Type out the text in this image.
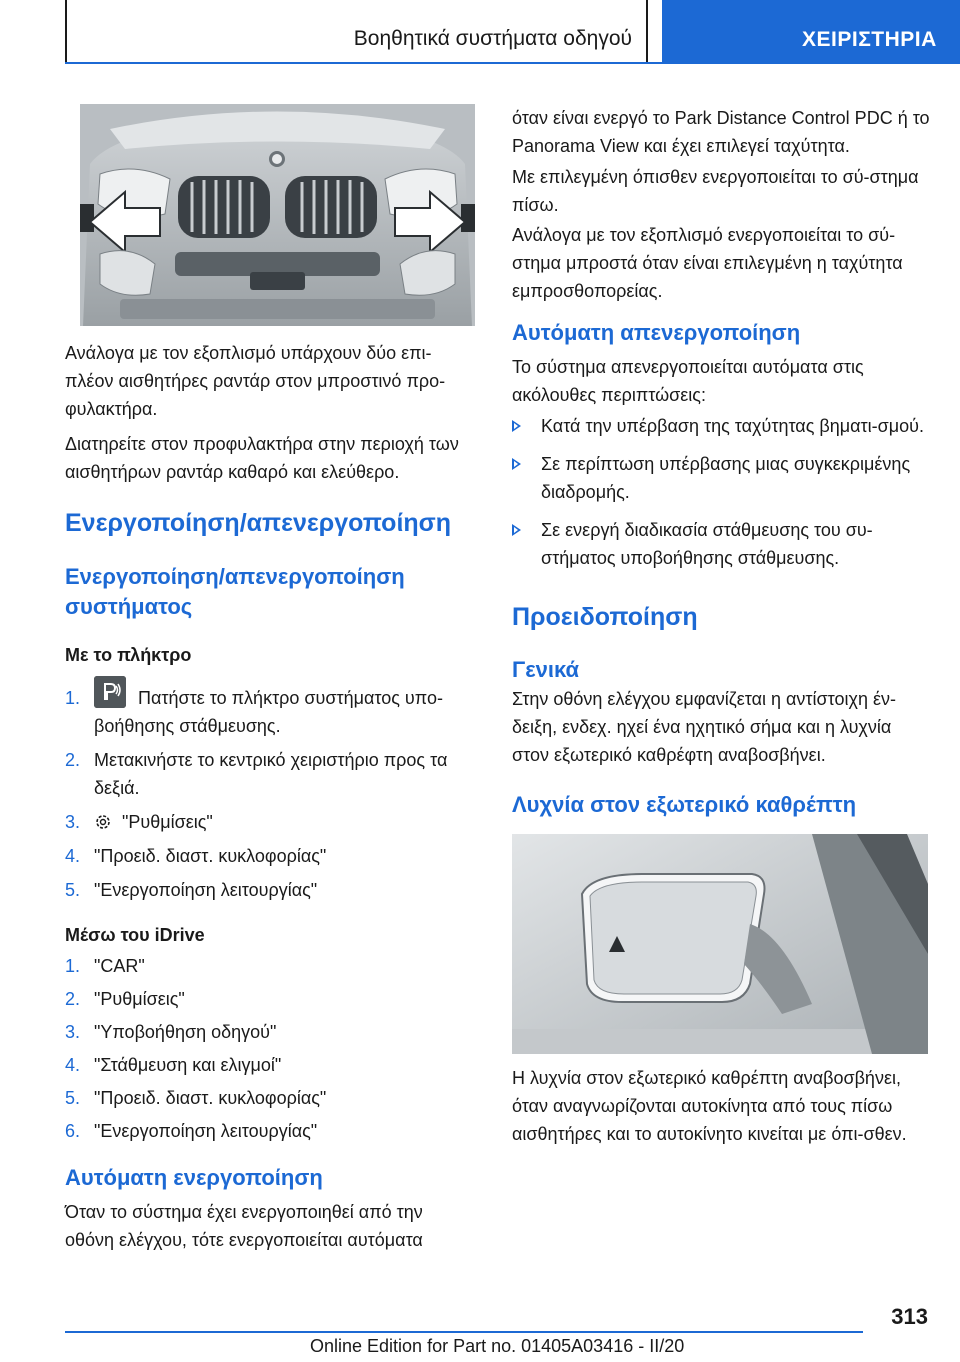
Βοηθητικά συστήματα οδηγού	ΧΕΙΡΙΣΤΗΡΙΑ

Ανάλογα με τον εξοπλισμό υπάρχουν δύο επι-πλέον αισθητήρες ραντάρ στον μπροστινό προ-φυλακτήρα.

Διατηρείτε στον προφυλακτήρα στην περιοχή των αισθητήρων ραντάρ καθαρό και ελεύθερο.

Ενεργοποίηση/απενεργοποίηση
Ενεργοποίηση/απενεργοποίηση συστήματος
Με το πλήκτρο
1.	Πατήστε το πλήκτρο συστήματος υπο-βοήθησης στάθμευσης.
2. Μετακινήστε το κεντρικό χειριστήριο προς τα δεξιά.
3. "Ρυθμίσεις"
4. "Προειδ. διαστ. κυκλοφορίας"
5. "Ενεργοποίηση λειτουργίας"
Μέσω του iDrive
1. "CAR"
2. "Ρυθμίσεις"
3. "Υποβοήθηση οδηγού"
4. "Στάθμευση και ελιγμοί"
5. "Προειδ. διαστ. κυκλοφορίας"
6. "Ενεργοποίηση λειτουργίας"
Αυτόματη ενεργοποίηση

Όταν το σύστημα έχει ενεργοποιηθεί από την οθόνη ελέγχου, τότε ενεργοποιείται αυτόματα

όταν είναι ενεργό το Park Distance Control PDC ή το Panorama View και έχει επιλεγεί ταχύτητα.

Με επιλεγμένη όπισθεν ενεργοποιείται το σύ-στημα πίσω.

Ανάλογα με τον εξοπλισμό ενεργοποιείται το σύ-στημα μπροστά όταν είναι επιλεγμένη η ταχύτητα εμπροσθοπορείας.

Αυτόματη απενεργοποίηση

Το σύστημα απενεργοποιείται αυτόματα στις ακόλουθες περιπτώσεις:

Κατά την υπέρβαση της ταχύτητας βηματι-σμού.
Σε περίπτωση υπέρβασης μιας συγκεκριμένης διαδρομής.
Σε ενεργή διαδικασία στάθμευσης του συ-στήματος υποβοήθησης στάθμευσης.
Προειδοποίηση
Γενικά

Στην οθόνη ελέγχου εμφανίζεται η αντίστοιχη έν-δειξη, ενδεχ. ηχεί ένα ηχητικό σήμα και η λυχνία στον εξωτερικό καθρέφτη αναβοσβήνει.

Λυχνία στον εξωτερικό καθρέπτη

Η λυχνία στον εξωτερικό καθρέπτη αναβοσβήνει, όταν αναγνωρίζονται αυτοκίνητα από τους πίσω αισθητήρες και το αυτοκίνητο κινείται με όπι-σθεν.

313
Online Edition for Part no. 01405A03416 - II/20
